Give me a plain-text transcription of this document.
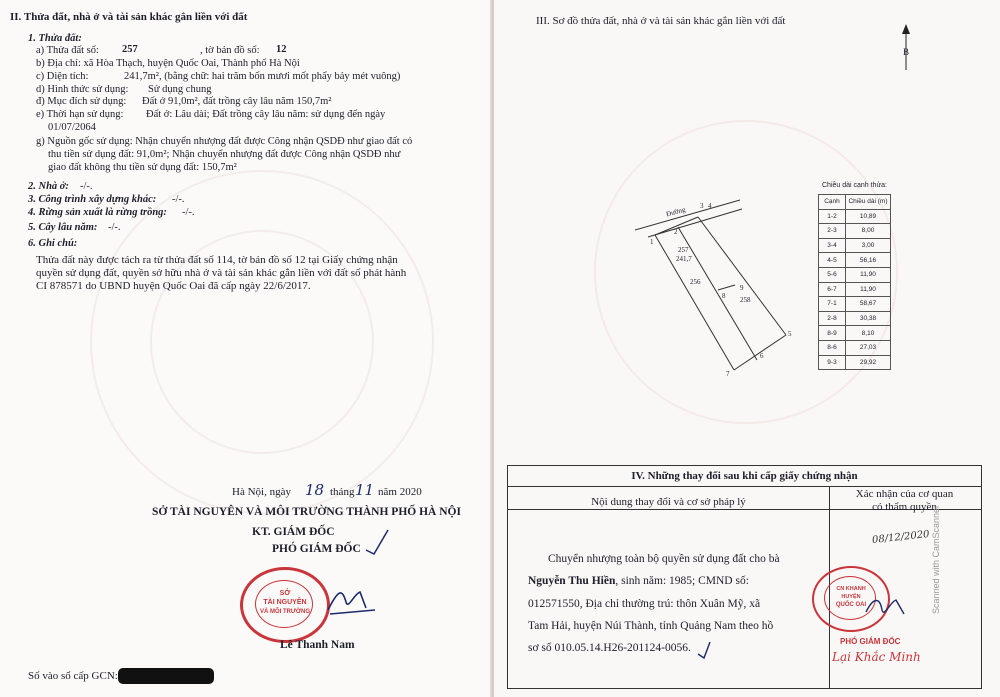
II. Thửa đất, nhà ở và tài sản khác gắn liền với đất
1. Thửa đất:
a) Thửa đất số: 257	, tờ bản đồ số: 12
b) Địa chỉ: xã Hòa Thạch, huyện Quốc Oai, Thành phố Hà Nội
c) Diện tích:	241,7m², (bằng chữ: hai trăm bốn mươi mốt phẩy bảy mét vuông)
d) Hình thức sử dụng: Sử dụng chung
đ) Mục đích sử dụng: Đất ở 91,0m², đất trồng cây lâu năm 150,7m²
e) Thời hạn sử dụng: Đất ở: Lâu dài; Đất trồng cây lâu năm: sử dụng đến ngày
01/07/2064
g) Nguồn gốc sử dụng: Nhận chuyển nhượng đất được Công nhận QSDĐ như giao đất có
thu tiền sử dụng đất: 91,0m²; Nhận chuyển nhượng đất được Công nhận QSDĐ như
giao đất không thu tiền sử dụng đất: 150,7m²
2. Nhà ở: -/-.
3. Công trình xây dựng khác: -/-.
4. Rừng sản xuất là rừng trồng: -/-.
5. Cây lâu năm: -/-.
6. Ghi chú:
Thửa đất này được tách ra từ thửa đất số 114, tờ bản đồ số 12 tại Giấy chứng nhận
quyền sử dụng đất, quyền sở hữu nhà ở và tài sản khác gắn liền với đất số phát hành
CI 878571 do UBND huyện Quốc Oai đã cấp ngày 22/6/2017.
Hà Nội, ngày 18 tháng 11 năm 2020
SỞ TÀI NGUYÊN VÀ MÔI TRƯỜNG THÀNH PHỐ HÀ NỘI
KT. GIÁM ĐỐC
PHÓ GIÁM ĐỐC
SỞ
TÀI NGUYÊN
VÀ MÔI TRƯỜNG
Lê Thanh Nam
Số vào sổ cấp GCN:
III. Sơ đồ thửa đất, nhà ở và tài sản khác gắn liền với đất
B
Đường
257
241,7
256
258
1
2
3 4
5
6
7
8
9
Chiều dài cạnh thửa:
Cạnh	Chiều dài (m)
1-2	10,89
2-3	8,00
3-4	3,00
4-5	56,16
5-6	11,90
6-7	11,90
7-1	58,67
2-8	30,38
8-9	8,10
8-6	27,03
9-3	29,92
IV. Những thay đổi sau khi cấp giấy chứng nhận
Nội dung thay đổi và cơ sở pháp lý
Xác nhận của cơ quan
có thẩm quyền
Chuyển nhượng toàn bộ quyền sử dụng đất cho bà
Nguyễn Thu Hiền, sinh năm: 1985; CMND số:
012571550, Địa chỉ thường trú: thôn Xuân Mỹ, xã
Tam Hải, huyện Núi Thành, tỉnh Quảng Nam theo hồ
sơ số 010.05.14.H26-201124-0056.
08/12/2020
CN KHANH
HUYỆN
QUỐC OAI
PHÓ GIÁM ĐỐC
Lại Khắc Minh
Scanned with CamScanner
